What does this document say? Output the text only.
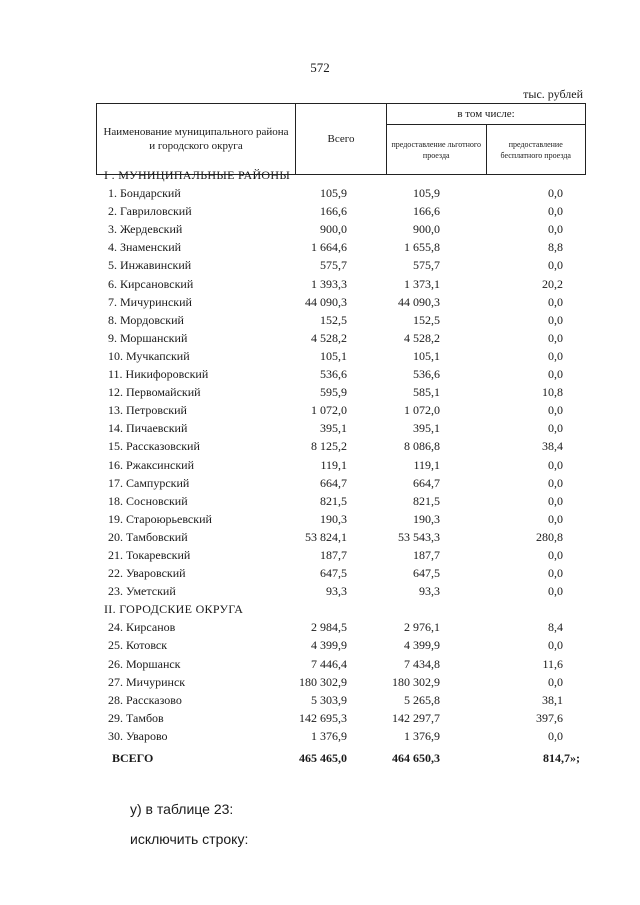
572
тыс. рублей
Наименование муниципального района и городского округа	Всего	в том числе:	
		предоставление льготного проезда	предоставление бесплатного проезда
I . МУНИЦИПАЛЬНЫЕ РАЙОНЫ
1. Бондарский	105,9	105,9	0,0
2. Гавриловский	166,6	166,6	0,0
3. Жердевский	900,0	900,0	0,0
4. Знаменский	1 664,6	1 655,8	8,8
5. Инжавинский	575,7	575,7	0,0
6. Кирсановский	1 393,3	1 373,1	20,2
7. Мичуринский	44 090,3	44 090,3	0,0
8. Мордовский	152,5	152,5	0,0
9. Моршанский	4 528,2	4 528,2	0,0
10. Мучкапский	105,1	105,1	0,0
11. Никифоровский	536,6	536,6	0,0
12. Первомайский	595,9	585,1	10,8
13. Петровский	1 072,0	1 072,0	0,0
14. Пичаевский	395,1	395,1	0,0
15. Рассказовский	8 125,2	8 086,8	38,4
16. Ржаксинский	119,1	119,1	0,0
17. Сампурский	664,7	664,7	0,0
18. Сосновский	821,5	821,5	0,0
19. Староюрьевский	190,3	190,3	0,0
20. Тамбовский	53 824,1	53 543,3	280,8
21. Токаревский	187,7	187,7	0,0
22. Уваровский	647,5	647,5	0,0
23. Уметский	93,3	93,3	0,0
II. ГОРОДСКИЕ ОКРУГА
24. Кирсанов	2 984,5	2 976,1	8,4
25. Котовск	4 399,9	4 399,9	0,0
26. Моршанск	7 446,4	7 434,8	11,6
27. Мичуринск	180 302,9	180 302,9	0,0
28. Рассказово	5 303,9	5 265,8	38,1
29. Тамбов	142 695,3	142 297,7	397,6
30. Уварово	1 376,9	1 376,9	0,0
ВСЕГО	465 465,0	464 650,3	814,7»;
у) в таблице 23:
исключить строку:
